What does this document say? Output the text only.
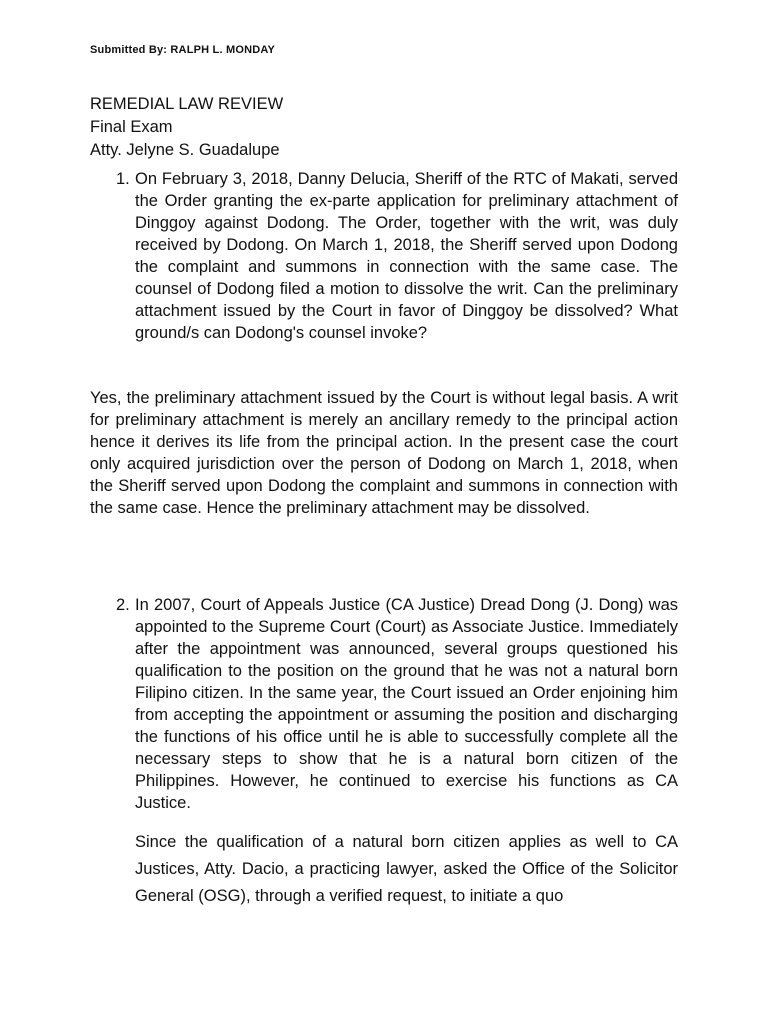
Submitted By: RALPH L. MONDAY
REMEDIAL LAW REVIEW
Final Exam
Atty. Jelyne S. Guadalupe
1. On February 3, 2018, Danny Delucia, Sheriff of the RTC of Makati, served the Order granting the ex-parte application for preliminary attachment of Dinggoy against Dodong. The Order, together with the writ, was duly received by Dodong. On March 1, 2018, the Sheriff served upon Dodong the complaint and summons in connection with the same case. The counsel of Dodong filed a motion to dissolve the writ. Can the preliminary attachment issued by the Court in favor of Dinggoy be dissolved? What ground/s can Dodong's counsel invoke?
Yes, the preliminary attachment issued by the Court is without legal basis. A writ for preliminary attachment is merely an ancillary remedy to the principal action hence it derives its life from the principal action. In the present case the court only acquired jurisdiction over the person of Dodong on March 1, 2018, when the Sheriff served upon Dodong the complaint and summons in connection with the same case. Hence the preliminary attachment may be dissolved.
2. In 2007, Court of Appeals Justice (CA Justice) Dread Dong (J. Dong) was appointed to the Supreme Court (Court) as Associate Justice. Immediately after the appointment was announced, several groups questioned his qualification to the position on the ground that he was not a natural born Filipino citizen. In the same year, the Court issued an Order enjoining him from accepting the appointment or assuming the position and discharging the functions of his office until he is able to successfully complete all the necessary steps to show that he is a natural born citizen of the Philippines. However, he continued to exercise his functions as CA Justice.
Since the qualification of a natural born citizen applies as well to CA Justices, Atty. Dacio, a practicing lawyer, asked the Office of the Solicitor General (OSG), through a verified request, to initiate a quo
